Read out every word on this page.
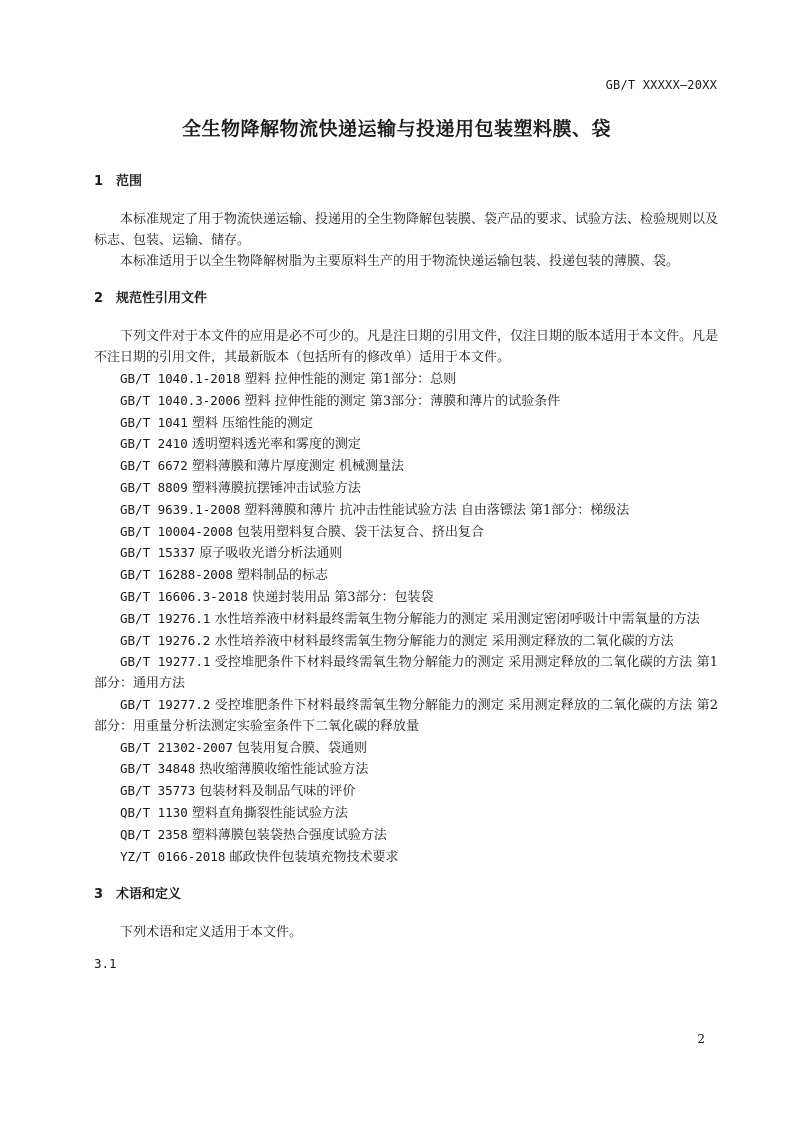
GB/T XXXXX—20XX
全生物降解物流快递运输与投递用包装塑料膜、袋
1 范围
本标准规定了用于物流快递运输、投递用的全生物降解包装膜、袋产品的要求、试验方法、检验规则以及标志、包装、运输、储存。
本标准适用于以全生物降解树脂为主要原料生产的用于物流快递运输包装、投递包装的薄膜、袋。
2 规范性引用文件
下列文件对于本文件的应用是必不可少的。凡是注日期的引用文件，仅注日期的版本适用于本文件。凡是不注日期的引用文件，其最新版本（包括所有的修改单）适用于本文件。
GB/T 1040.1-2018 塑料 拉伸性能的测定 第1部分：总则
GB/T 1040.3-2006 塑料 拉伸性能的测定 第3部分：薄膜和薄片的试验条件
GB/T 1041 塑料 压缩性能的测定
GB/T 2410 透明塑料透光率和雾度的测定
GB/T 6672 塑料薄膜和薄片厚度测定 机械测量法
GB/T 8809 塑料薄膜抗摆锤冲击试验方法
GB/T 9639.1-2008 塑料薄膜和薄片 抗冲击性能试验方法 自由落镖法 第1部分：梯级法
GB/T 10004-2008 包装用塑料复合膜、袋干法复合、挤出复合
GB/T 15337 原子吸收光谱分析法通则
GB/T 16288-2008 塑料制品的标志
GB/T 16606.3-2018 快递封装用品 第3部分：包装袋
GB/T 19276.1 水性培养液中材料最终需氧生物分解能力的测定 采用测定密闭呼吸计中需氧量的方法
GB/T 19276.2 水性培养液中材料最终需氧生物分解能力的测定 采用测定释放的二氧化碳的方法
GB/T 19277.1 受控堆肥条件下材料最终需氧生物分解能力的测定 采用测定释放的二氧化碳的方法 第1部分：通用方法
GB/T 19277.2 受控堆肥条件下材料最终需氧生物分解能力的测定 采用测定释放的二氧化碳的方法 第2部分：用重量分析法测定实验室条件下二氧化碳的释放量
GB/T 21302-2007 包装用复合膜、袋通则
GB/T 34848 热收缩薄膜收缩性能试验方法
GB/T 35773 包装材料及制品气味的评价
QB/T 1130 塑料直角撕裂性能试验方法
QB/T 2358 塑料薄膜包装袋热合强度试验方法
YZ/T 0166-2018 邮政快件包装填充物技术要求
3 术语和定义
下列术语和定义适用于本文件。
3.1
2
